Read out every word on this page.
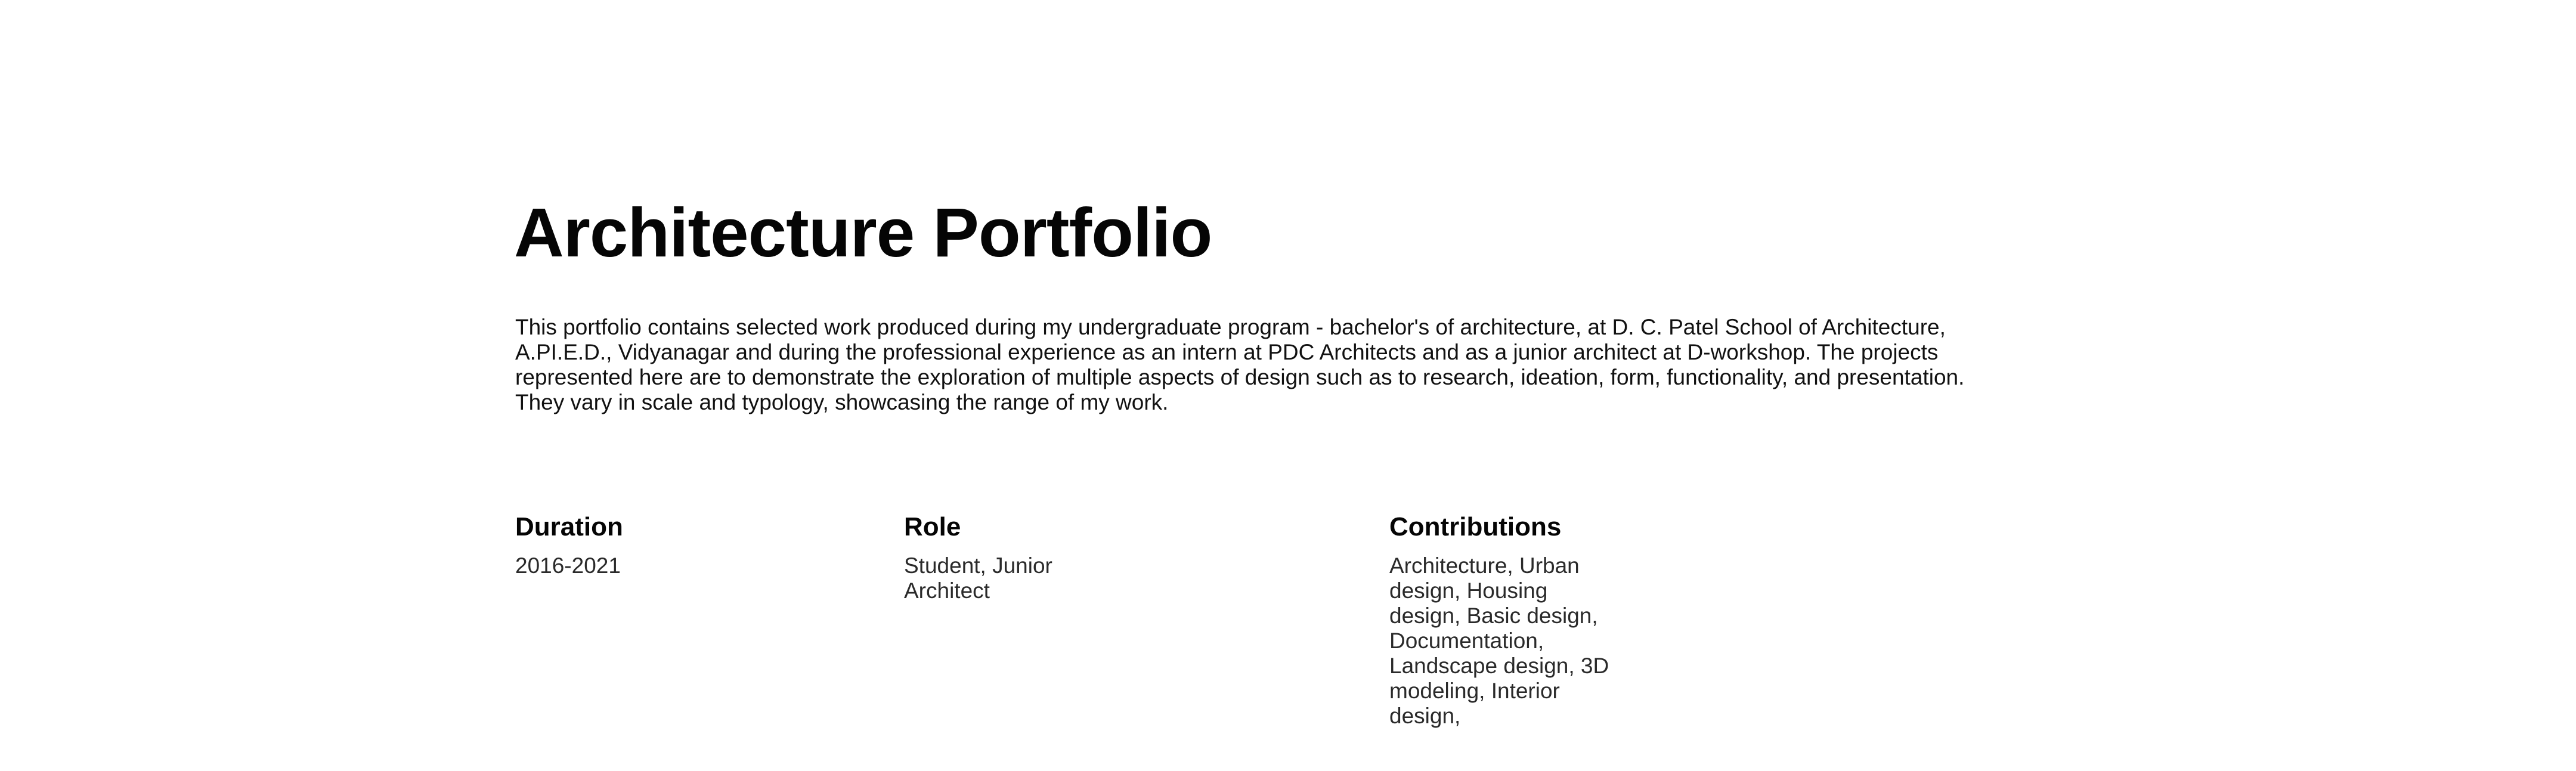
Architecture Portfolio

This portfolio contains selected work produced during my undergraduate program - bachelor's of architecture, at D. C. Patel School of Architecture, A.PI.E.D., Vidyanagar and during the professional experience as an intern at PDC Architects and as a junior architect at D-workshop. The projects represented here are to demonstrate the exploration of multiple aspects of design such as to research, ideation, form, functionality, and presentation. They vary in scale and typology, showcasing the range of my work.

Duration

2016-2021

Role

Student, Junior Architect

Contributions

Architecture, Urban design, Housing design, Basic design, Documentation, Landscape design, 3D modeling, Interior design,
